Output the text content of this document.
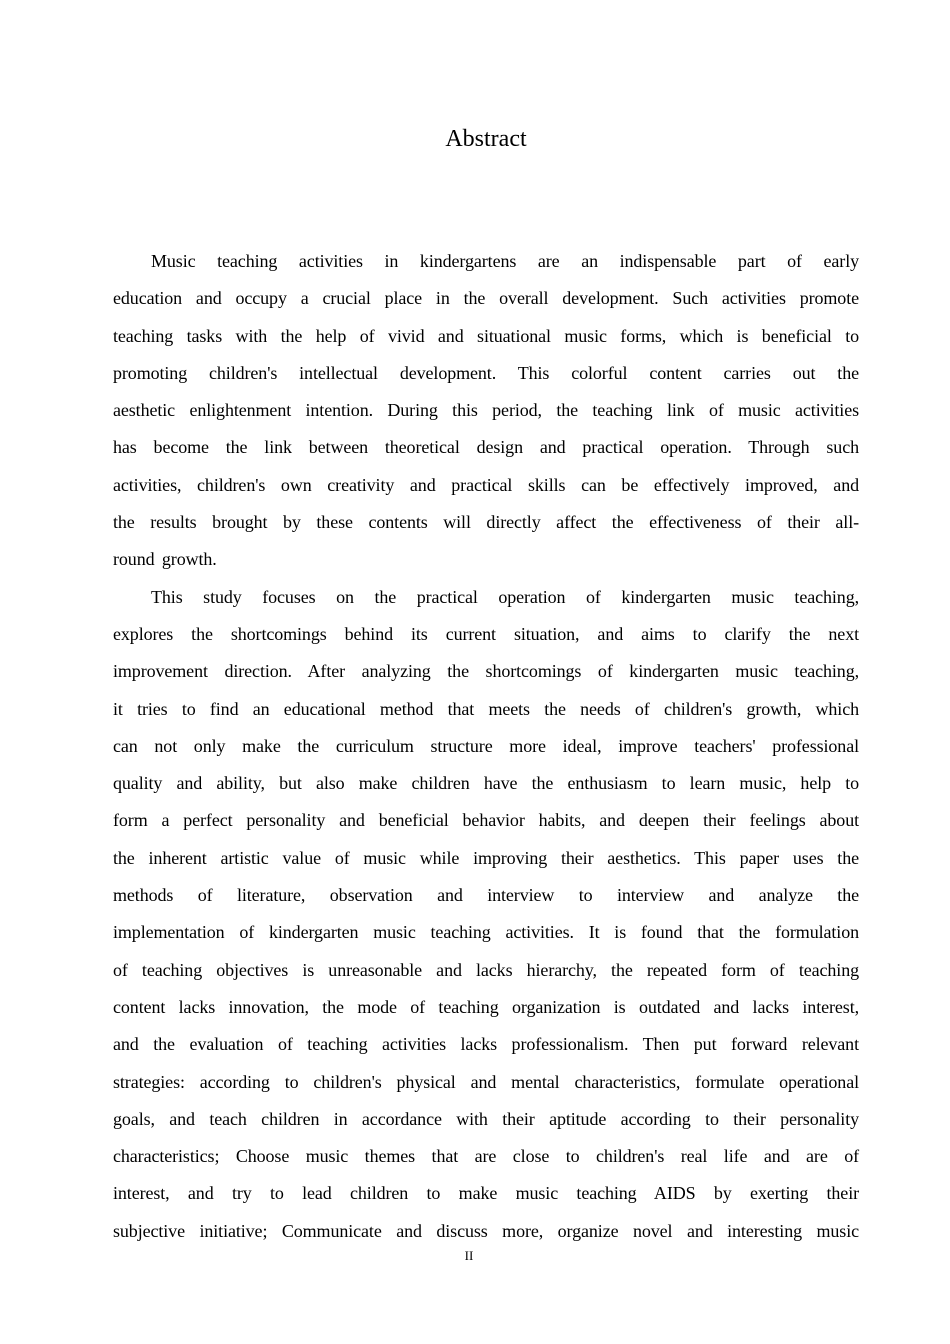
Abstract
Music teaching activities in kindergartens are an indispensable part of early
education and occupy a crucial place in the overall development. Such activities promote
teaching tasks with the help of vivid and situational music forms, which is beneficial to
promoting children's intellectual development. This colorful content carries out the
aesthetic enlightenment intention. During this period, the teaching link of music activities
has become the link between theoretical design and practical operation. Through such
activities, children's own creativity and practical skills can be effectively improved, and
the results brought by these contents will directly affect the effectiveness of their all-
round growth.
This study focuses on the practical operation of kindergarten music teaching,
explores the shortcomings behind its current situation, and aims to clarify the next
improvement direction. After analyzing the shortcomings of kindergarten music teaching,
it tries to find an educational method that meets the needs of children's growth, which
can not only make the curriculum structure more ideal, improve teachers' professional
quality and ability, but also make children have the enthusiasm to learn music, help to
form a perfect personality and beneficial behavior habits, and deepen their feelings about
the inherent artistic value of music while improving their aesthetics. This paper uses the
methods of literature, observation and interview to interview and analyze the
implementation of kindergarten music teaching activities. It is found that the formulation
of teaching objectives is unreasonable and lacks hierarchy, the repeated form of teaching
content lacks innovation, the mode of teaching organization is outdated and lacks interest,
and the evaluation of teaching activities lacks professionalism. Then put forward relevant
strategies: according to children's physical and mental characteristics, formulate operational
goals, and teach children in accordance with their aptitude according to their personality
characteristics; Choose music themes that are close to children's real life and are of
interest, and try to lead children to make music teaching AIDS by exerting their
subjective initiative; Communicate and discuss more, organize novel and interesting music
II
